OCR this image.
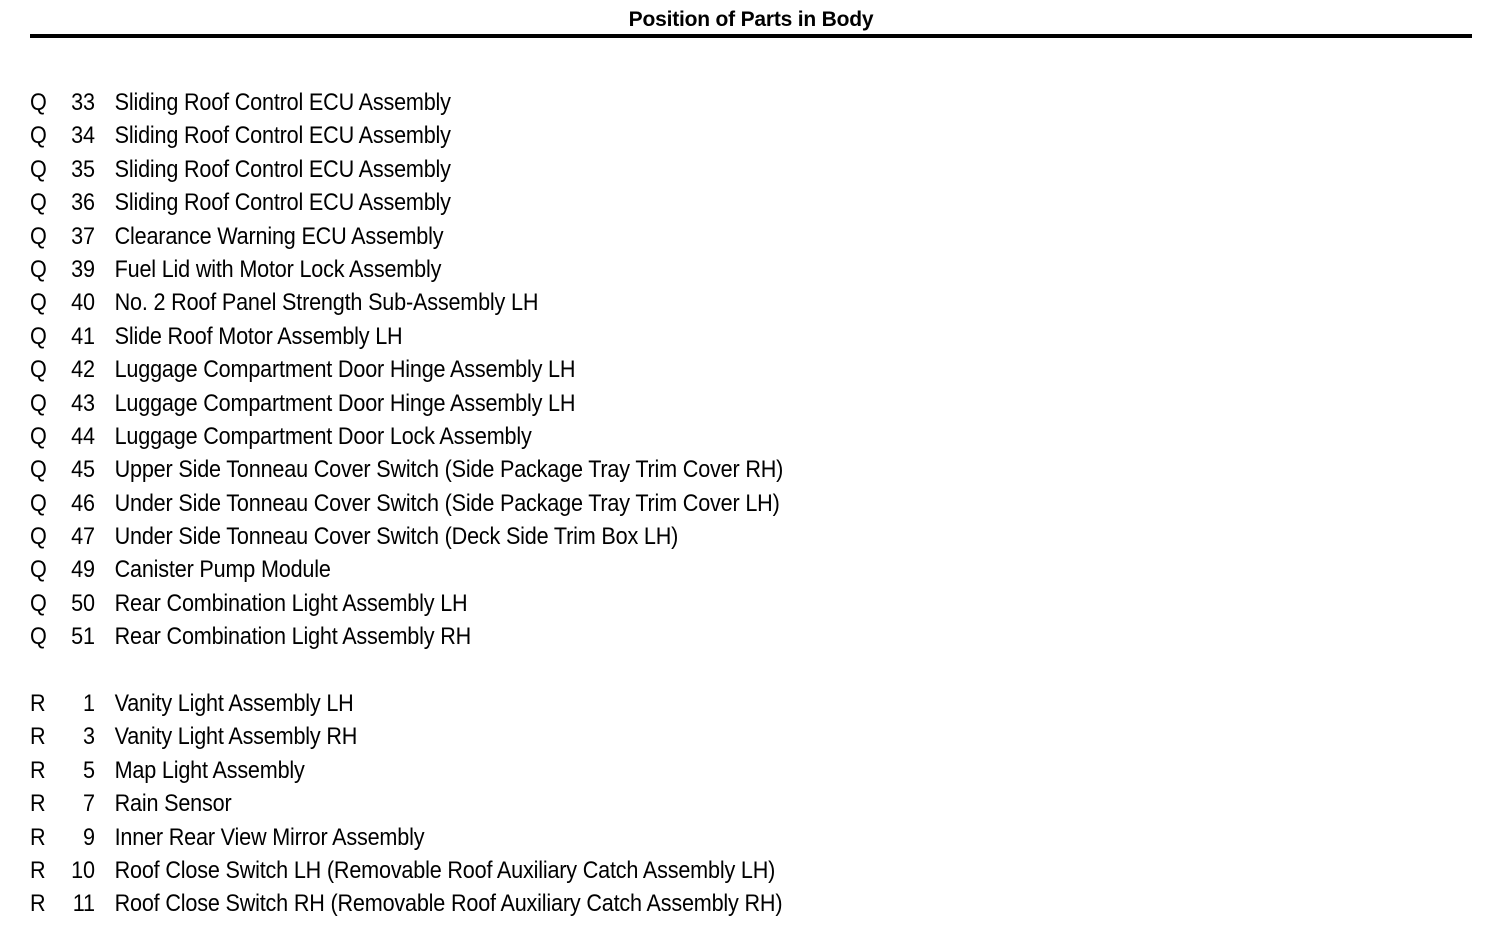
Position of Parts in Body
Q	33 Sliding Roof Control ECU Assembly
Q	34 Sliding Roof Control ECU Assembly
Q	35 Sliding Roof Control ECU Assembly
Q	36 Sliding Roof Control ECU Assembly
Q	37 Clearance Warning ECU Assembly
Q	39 Fuel Lid with Motor Lock Assembly
Q	40 No. 2 Roof Panel Strength Sub-Assembly LH
Q	41 Slide Roof Motor Assembly LH
Q	42 Luggage Compartment Door Hinge Assembly LH
Q	43 Luggage Compartment Door Hinge Assembly LH
Q	44 Luggage Compartment Door Lock Assembly
Q	45 Upper Side Tonneau Cover Switch (Side Package Tray Trim Cover RH)
Q	46 Under Side Tonneau Cover Switch (Side Package Tray Trim Cover LH)
Q	47 Under Side Tonneau Cover Switch (Deck Side Trim Box LH)
Q	49 Canister Pump Module
Q	50 Rear Combination Light Assembly LH
Q	51 Rear Combination Light Assembly RH
R	1 Vanity Light Assembly LH
R	3 Vanity Light Assembly RH
R	5 Map Light Assembly
R	7 Rain Sensor
R	9 Inner Rear View Mirror Assembly
R	10 Roof Close Switch LH (Removable Roof Auxiliary Catch Assembly LH)
R	11 Roof Close Switch RH (Removable Roof Auxiliary Catch Assembly RH)
